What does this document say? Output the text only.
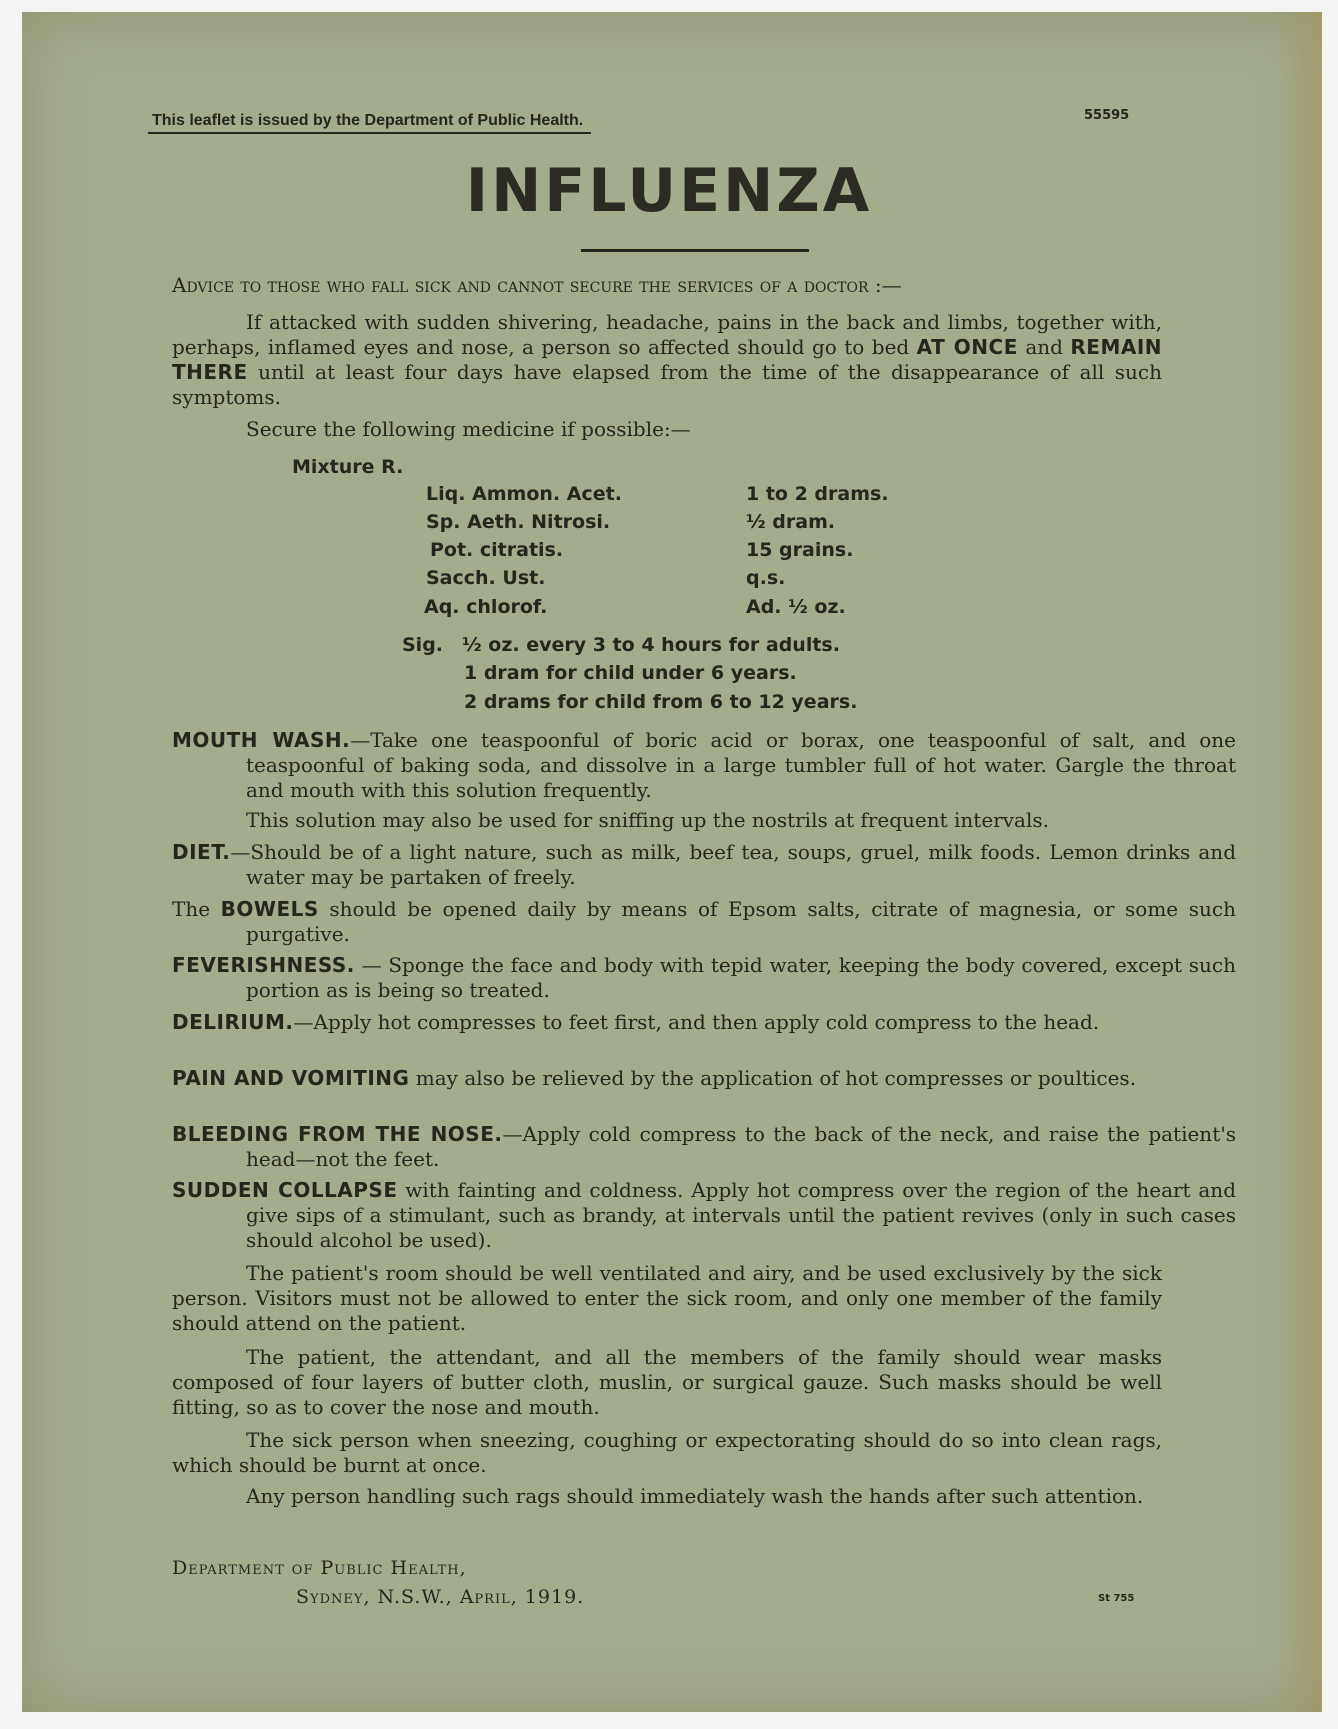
This leaflet is issued by the Department of Public Health.	55595
INFLUENZA
Advice to those who fall sick and cannot secure the services of a doctor :—
If attacked with sudden shivering, headache, pains in the back and limbs, together with, perhaps, inflamed eyes and nose, a person so affected should go to bed AT ONCE and REMAIN THERE until at least four days have elapsed from the time of the disappearance of all such symptoms.
Secure the following medicine if possible:—
Mixture R.
Liq. Ammon. Acet.	1 to 2 drams.
Sp. Aeth. Nitrosi.	½ dram.
Pot. citratis.	15 grains.
Sacch. Ust.	q.s.
Aq. chlorof.	Ad. ½ oz.
Sig. ½ oz. every 3 to 4 hours for adults.
1 dram for child under 6 years.
2 drams for child from 6 to 12 years.
MOUTH WASH.—Take one teaspoonful of boric acid or borax, one teaspoonful of salt, and one teaspoonful of baking soda, and dissolve in a large tumbler full of hot water. Gargle the throat and mouth with this solution frequently.
This solution may also be used for sniffing up the nostrils at frequent intervals.
DIET.—Should be of a light nature, such as milk, beef tea, soups, gruel, milk foods. Lemon drinks and water may be partaken of freely.
The BOWELS should be opened daily by means of Epsom salts, citrate of magnesia, or some such purgative.
FEVERISHNESS. — Sponge the face and body with tepid water, keeping the body covered, except such portion as is being so treated.
DELIRIUM.—Apply hot compresses to feet first, and then apply cold compress to the head.
PAIN AND VOMITING may also be relieved by the application of hot compresses or poultices.
BLEEDING FROM THE NOSE.—Apply cold compress to the back of the neck, and raise the patient's head—not the feet.
SUDDEN COLLAPSE with fainting and coldness. Apply hot compress over the region of the heart and give sips of a stimulant, such as brandy, at intervals until the patient revives (only in such cases should alcohol be used).
The patient's room should be well ventilated and airy, and be used exclusively by the sick person. Visitors must not be allowed to enter the sick room, and only one member of the family should attend on the patient.
The patient, the attendant, and all the members of the family should wear masks composed of four layers of butter cloth, muslin, or surgical gauze. Such masks should be well fitting, so as to cover the nose and mouth.
The sick person when sneezing, coughing or expectorating should do so into clean rags, which should be burnt at once.
Any person handling such rags should immediately wash the hands after such attention.
Department of Public Health,
Sydney, N.S.W., April, 1919.	St 755
